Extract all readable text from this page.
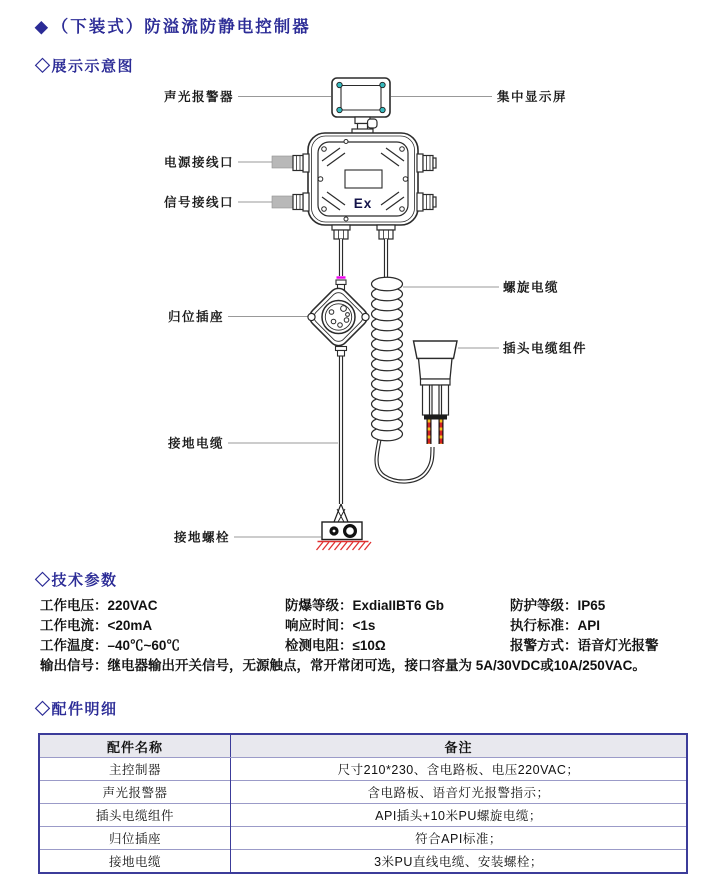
◆ （下装式）防溢流防静电控制器
◇展示示意图
Ex
声光报警器	集中显示屏
电源接线口
信号接线口
归位插座
螺旋电缆
插头电缆组件
接地电缆
接地螺栓
◇技术参数
工作电压：220VAC	防爆等级：ExdiaIIBT6 Gb	防护等级：IP65
工作电流：<20mA	响应时间：<1s	执行标准：API
工作温度：–40℃~60℃	检测电阻：≤10Ω	报警方式：语音灯光报警
输出信号：继电器输出开关信号，无源触点，常开常闭可选，接口容量为 5A/30VDC或10A/250VAC。
◇配件明细
配件名称	备注
主控制器	尺寸210*230、含电路板、电压220VAC；
声光报警器	含电路板、语音灯光报警指示；
插头电缆组件	API插头+10米PU螺旋电缆；
归位插座	符合API标准；
接地电缆	3米PU直线电缆、安装螺栓；
